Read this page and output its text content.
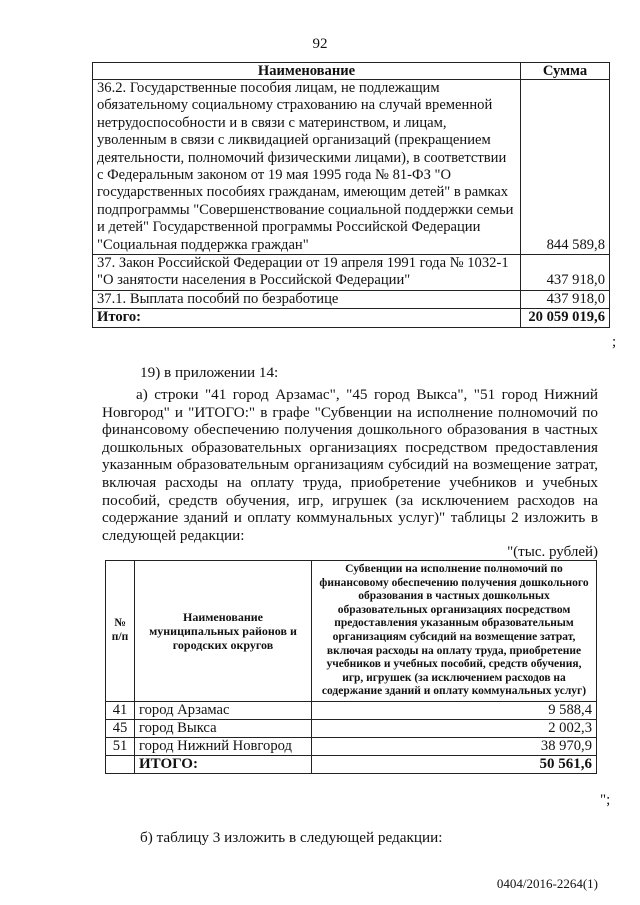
92
Наименование	Сумма
36.2. Государственные пособия лицам, не подлежащим обязательному социальному страхованию на случай временной нетрудоспособности и в связи с материнством, и лицам, уволенным в связи с ликвидацией организаций (прекращением деятельности, полномочий физическими лицами), в соответствии с Федеральным законом от 19 мая 1995 года № 81-ФЗ "О государственных пособиях гражданам, имеющим детей" в рамках подпрограммы "Совершенствование социальной поддержки семьи и детей" Государственной программы Российской Федерации "Социальная поддержка граждан"	844 589,8
37. Закон Российской Федерации от 19 апреля 1991 года № 1032-1 "О занятости населения в Российской Федерации"	437 918,0
37.1. Выплата пособий по безработице	437 918,0
Итого:	20 059 019,6
;
19) в приложении 14:
а) строки "41 город Арзамас", "45 город Выкса", "51 город Нижний Новгород" и "ИТОГО:" в графе "Субвенции на исполнение полномочий по финансовому обеспечению получения дошкольного образования в частных дошкольных образовательных организациях посредством предоставления указанным образовательным организациям субсидий на возмещение затрат, включая расходы на оплату труда, приобретение учебников и учебных пособий, средств обучения, игр, игрушек (за исключением расходов на содержание зданий и оплату коммунальных услуг)" таблицы 2 изложить в следующей редакции:
"(тыс. рублей)
№ п/п	Наименование муниципальных районов и городских округов	Субвенции на исполнение полномочий по финансовому обеспечению получения дошкольного образования в частных дошкольных образовательных организациях посредством предоставления указанным образовательным организациям субсидий на возмещение затрат, включая расходы на оплату труда, приобретение учебников и учебных пособий, средств обучения, игр, игрушек (за исключением расходов на содержание зданий и оплату коммунальных услуг)
41	город Арзамас	9 588,4
45	город Выкса	2 002,3
51	город Нижний Новгород	38 970,9
	ИТОГО:	50 561,6
";
б) таблицу 3 изложить в следующей редакции:
0404/2016-2264(1)
